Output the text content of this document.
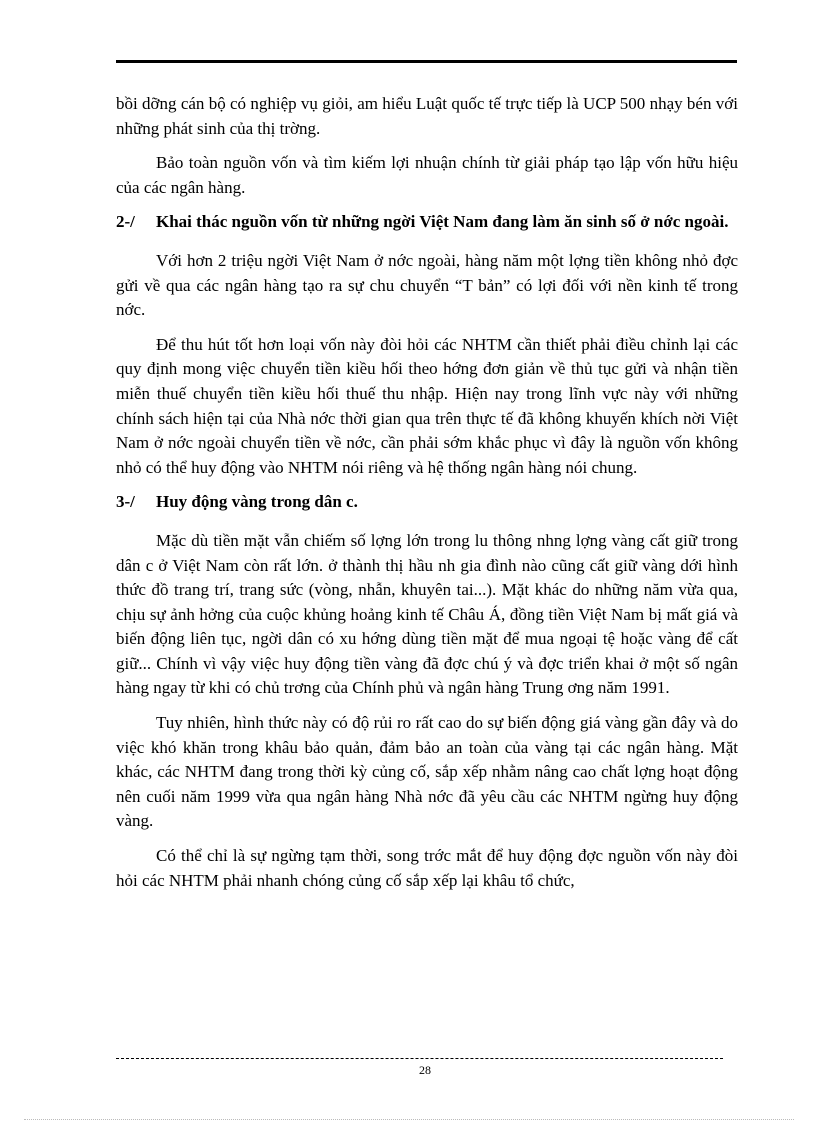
bồi dỡng cán bộ có nghiệp vụ giỏi, am hiểu Luật quốc tế trực tiếp là UCP 500 nhạy bén với những phát sinh của thị trờng.

Bảo toàn nguồn vốn và tìm kiếm lợi nhuận chính từ giải pháp tạo lập vốn hữu hiệu của các ngân hàng.

2-/	Khai thác nguồn vốn từ những ngời Việt Nam đang làm ăn sinh số ở nớc ngoài.

Với hơn 2 triệu ngời Việt Nam ở nớc ngoài, hàng năm một lợng tiền không nhỏ đợc gửi về qua các ngân hàng tạo ra sự chu chuyển “T bản” có lợi đối với nền kinh tế trong nớc.

Để thu hút tốt hơn loại vốn này đòi hỏi các NHTM cần thiết phải điều chỉnh lại các quy định mong việc chuyển tiền kiều hối theo hớng đơn giản về thủ tục gửi và nhận tiền miễn thuế chuyển tiền kiều hối thuế thu nhập. Hiện nay trong lĩnh vực này với những chính sách hiện tại của Nhà nớc thời gian qua trên thực tế đã không khuyến khích nời Việt Nam ở nớc ngoài chuyển tiền về nớc, cần phải sớm khắc phục vì đây là nguồn vốn không nhỏ có thể huy động vào NHTM nói riêng và hệ thống ngân hàng nói chung.

3-/	Huy động vàng trong dân c.

Mặc dù tiền mặt vẫn chiếm số lợng lớn trong lu thông nhng lợng vàng cất giữ trong dân c ở Việt Nam còn rất lớn. ở thành thị hầu nh gia đình nào cũng cất giữ vàng dới hình thức đồ trang trí, trang sức (vòng, nhẫn, khuyên tai...). Mặt khác do những năm vừa qua, chịu sự ảnh hởng của cuộc khủng hoảng kinh tế Châu Á, đồng tiền Việt Nam bị mất giá và biến động liên tục, ngời dân có xu hớng dùng tiền mặt để mua ngoại tệ hoặc vàng để cất giữ... Chính vì vậy việc huy động tiền vàng đã đợc chú ý và đợc triển khai ở một số ngân hàng ngay từ khi có chủ trơng của Chính phủ và ngân hàng Trung ơng năm 1991.

Tuy nhiên, hình thức này có độ rủi ro rất cao do sự biến động giá vàng gần đây và do việc khó khăn trong khâu bảo quản, đảm bảo an toàn của vàng tại các ngân hàng. Mặt khác, các NHTM đang trong thời kỳ củng cố, sắp xếp nhằm nâng cao chất lợng hoạt động nên cuối năm 1999 vừa qua ngân hàng Nhà nớc đã yêu cầu các NHTM ngừng huy động vàng.

Có thể chỉ là sự ngừng tạm thời, song trớc mắt để huy động đợc nguồn vốn này đòi hỏi các NHTM phải nhanh chóng củng cố sắp xếp lại khâu tổ chức,

28
